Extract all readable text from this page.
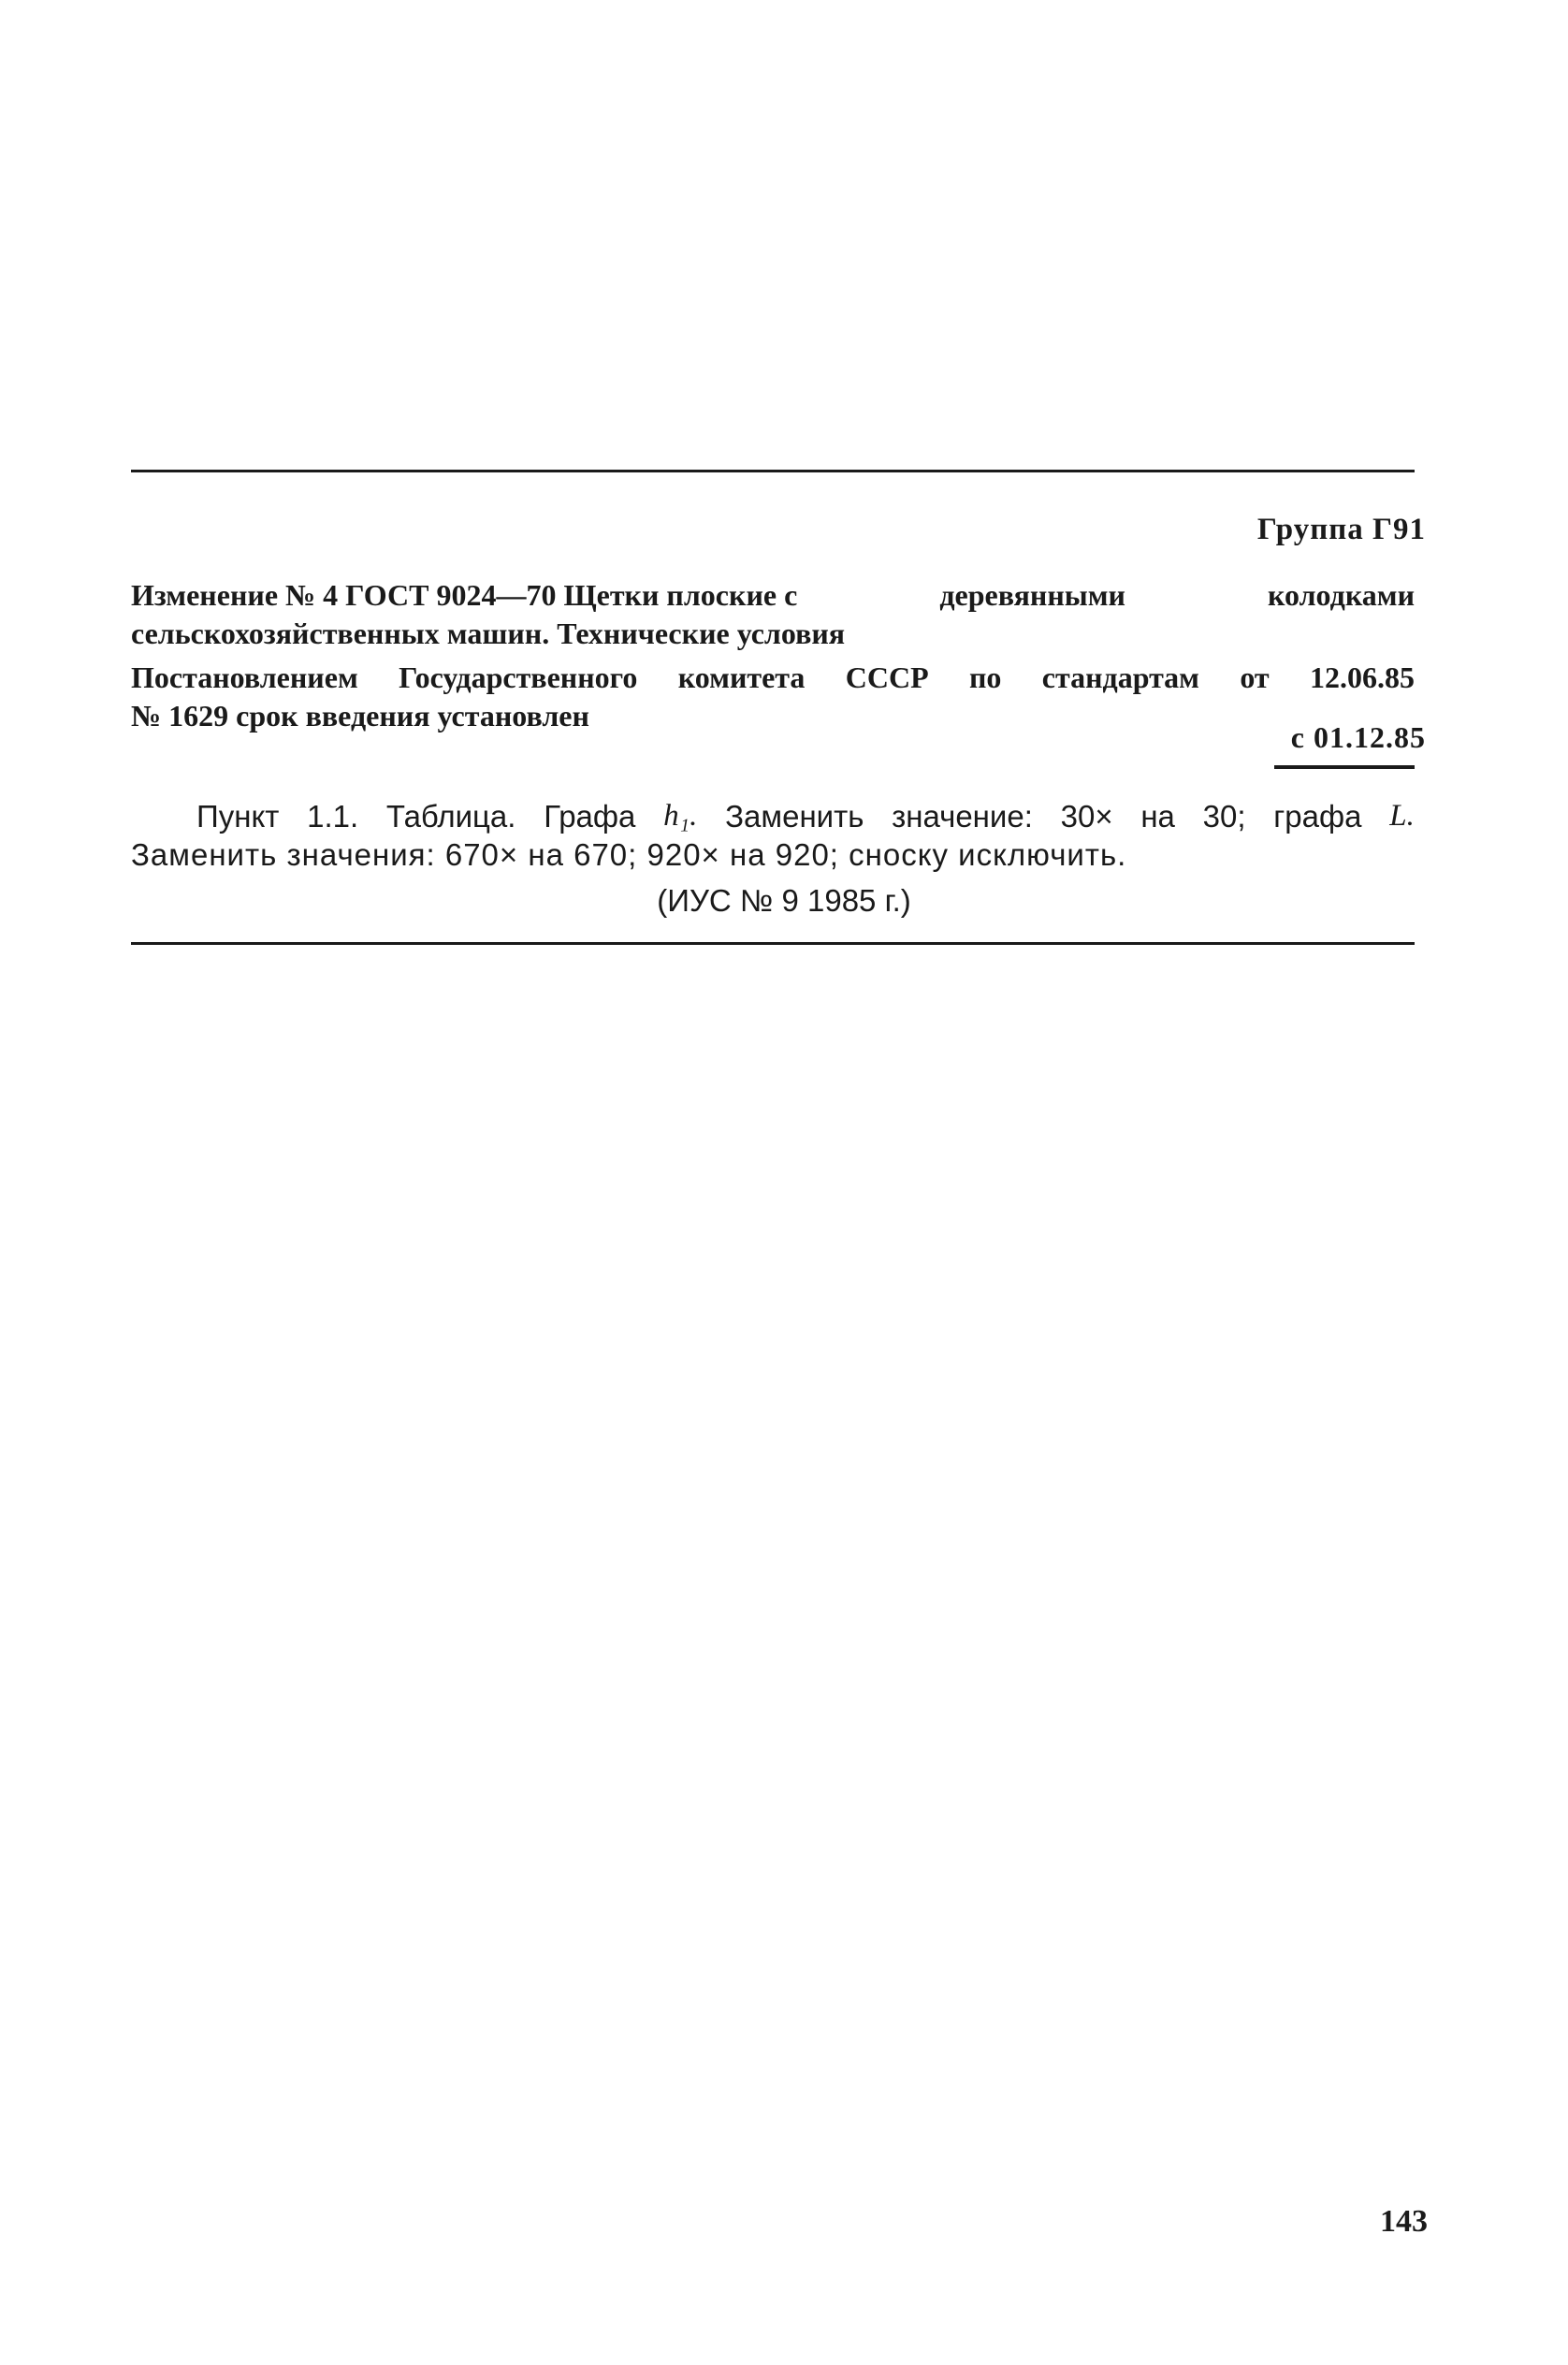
Группа Г91
Изменение № 4 ГОСТ 9024—70 Щетки плоские с	деревянными	колодками
сельскохозяйственных машин. Технические условия
Постановлением Государственного комитета СССР по стандартам от 12.06.85
№ 1629 срок введения установлен
с 01.12.85
Пункт 1.1. Таблица. Графа h₁. Заменить значение: 30× на 30; графа L.
Заменить значения: 670× на 670; 920× на 920; сноску исключить.
(ИУС № 9 1985 г.)
143
